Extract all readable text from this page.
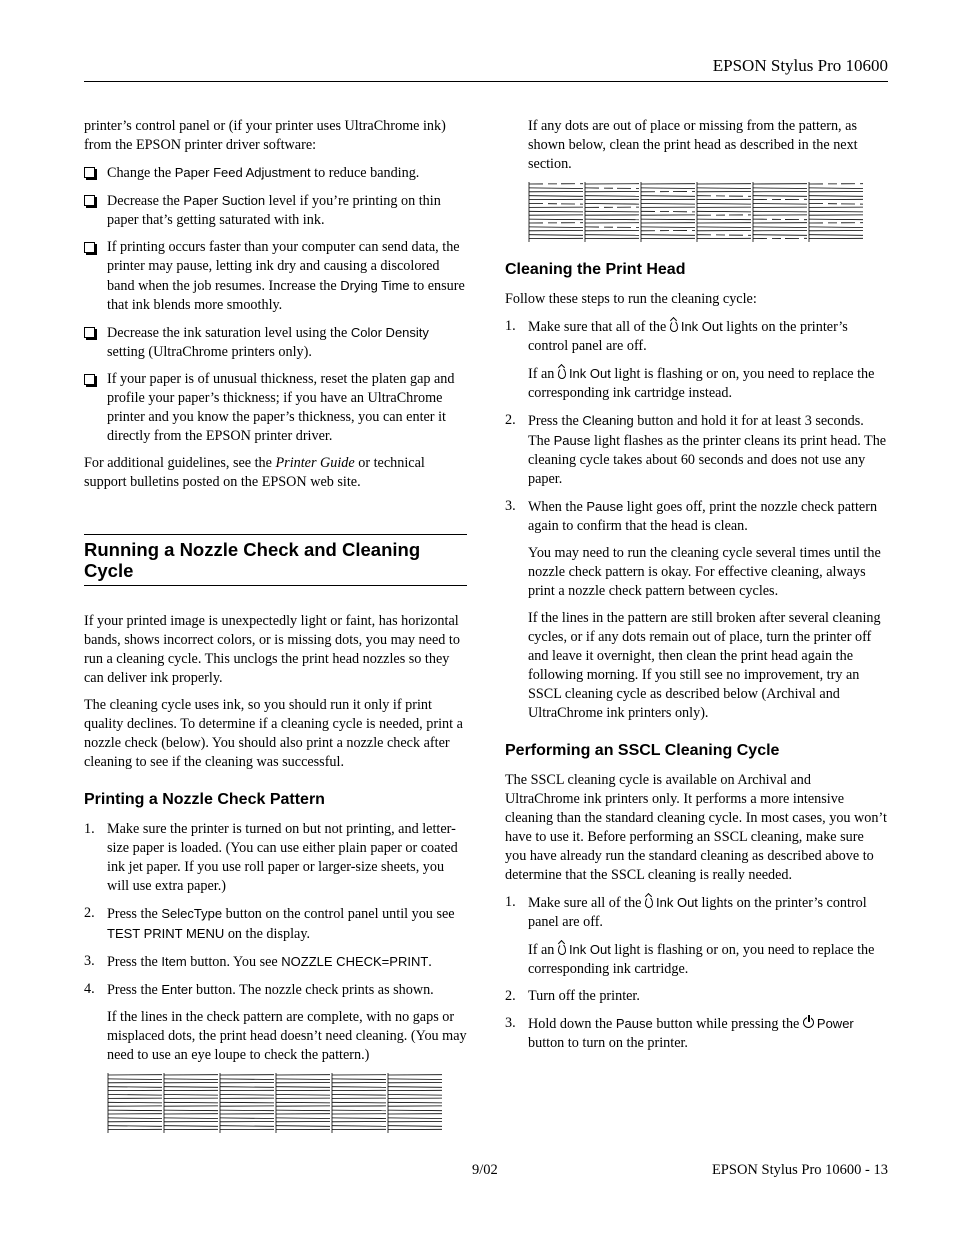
EPSON Stylus Pro 10600

printer’s control panel or (if your printer uses UltraChrome ink) from the EPSON printer driver software:

Change the Paper Feed Adjustment to reduce banding.
Decrease the Paper Suction level if you’re printing on thin paper that’s getting saturated with ink.
If printing occurs faster than your computer can send data, the printer may pause, letting ink dry and causing a discolored band when the job resumes. Increase the Drying Time to ensure that ink blends more smoothly.
Decrease the ink saturation level using the Color Density setting (UltraChrome printers only).
If your paper is of unusual thickness, reset the platen gap and profile your paper’s thickness; if you have an UltraChrome printer and you know the paper’s thickness, you can enter it directly from the EPSON printer driver.

For additional guidelines, see the Printer Guide or technical support bulletins posted on the EPSON web site.

Running a Nozzle Check and Cleaning Cycle

If your printed image is unexpectedly light or faint, has horizontal bands, shows incorrect colors, or is missing dots, you may need to run a cleaning cycle. This unclogs the print head nozzles so they can deliver ink properly.

The cleaning cycle uses ink, so you should run it only if print quality declines. To determine if a cleaning cycle is needed, print a nozzle check (below). You should also print a nozzle check after cleaning to see if the cleaning was successful.

Printing a Nozzle Check Pattern
1. Make sure the printer is turned on but not printing, and letter-size paper is loaded. (You can use either plain paper or coated ink jet paper. If you use roll paper or larger-size sheets, you will use extra paper.)
2. Press the SelecType button on the control panel until you see TEST PRINT MENU on the display.
3. Press the Item button. You see NOZZLE CHECK=PRINT.
4. Press the Enter button. The nozzle check prints as shown.

If the lines in the check pattern are complete, with no gaps or misplaced dots, the print head doesn’t need cleaning. (You may need to use an eye loupe to check the pattern.)

If any dots are out of place or missing from the pattern, as shown below, clean the print head as described in the next section.

Cleaning the Print Head

Follow these steps to run the cleaning cycle:

1. Make sure that all of the Ink Out lights on the printer’s control panel are off.

If an Ink Out light is flashing or on, you need to replace the corresponding ink cartridge instead.

2. Press the Cleaning button and hold it for at least 3 seconds. The Pause light flashes as the printer cleans its print head. The cleaning cycle takes about 60 seconds and does not use any paper.
3. When the Pause light goes off, print the nozzle check pattern again to confirm that the head is clean.

You may need to run the cleaning cycle several times until the nozzle check pattern is okay. For effective cleaning, always print a nozzle check pattern between cycles.

If the lines in the pattern are still broken after several cleaning cycles, or if any dots remain out of place, turn the printer off and leave it overnight, then clean the print head again the following morning. If you still see no improvement, try an SSCL cleaning cycle as described below (Archival and UltraChrome ink printers only).

Performing an SSCL Cleaning Cycle

The SSCL cleaning cycle is available on Archival and UltraChrome ink printers only. It performs a more intensive cleaning than the standard cleaning cycle. In most cases, you won’t have to use it. Before performing an SSCL cleaning, make sure you have already run the standard cleaning as described above to determine that the SSCL cleaning is really needed.

1. Make sure all of the Ink Out lights on the printer’s control panel are off.

If an Ink Out light is flashing or on, you need to replace the corresponding ink cartridge.

2. Turn off the printer.
3. Hold down the Pause button while pressing the Power button to turn on the printer.
9/02	EPSON Stylus Pro 10600 - 13
